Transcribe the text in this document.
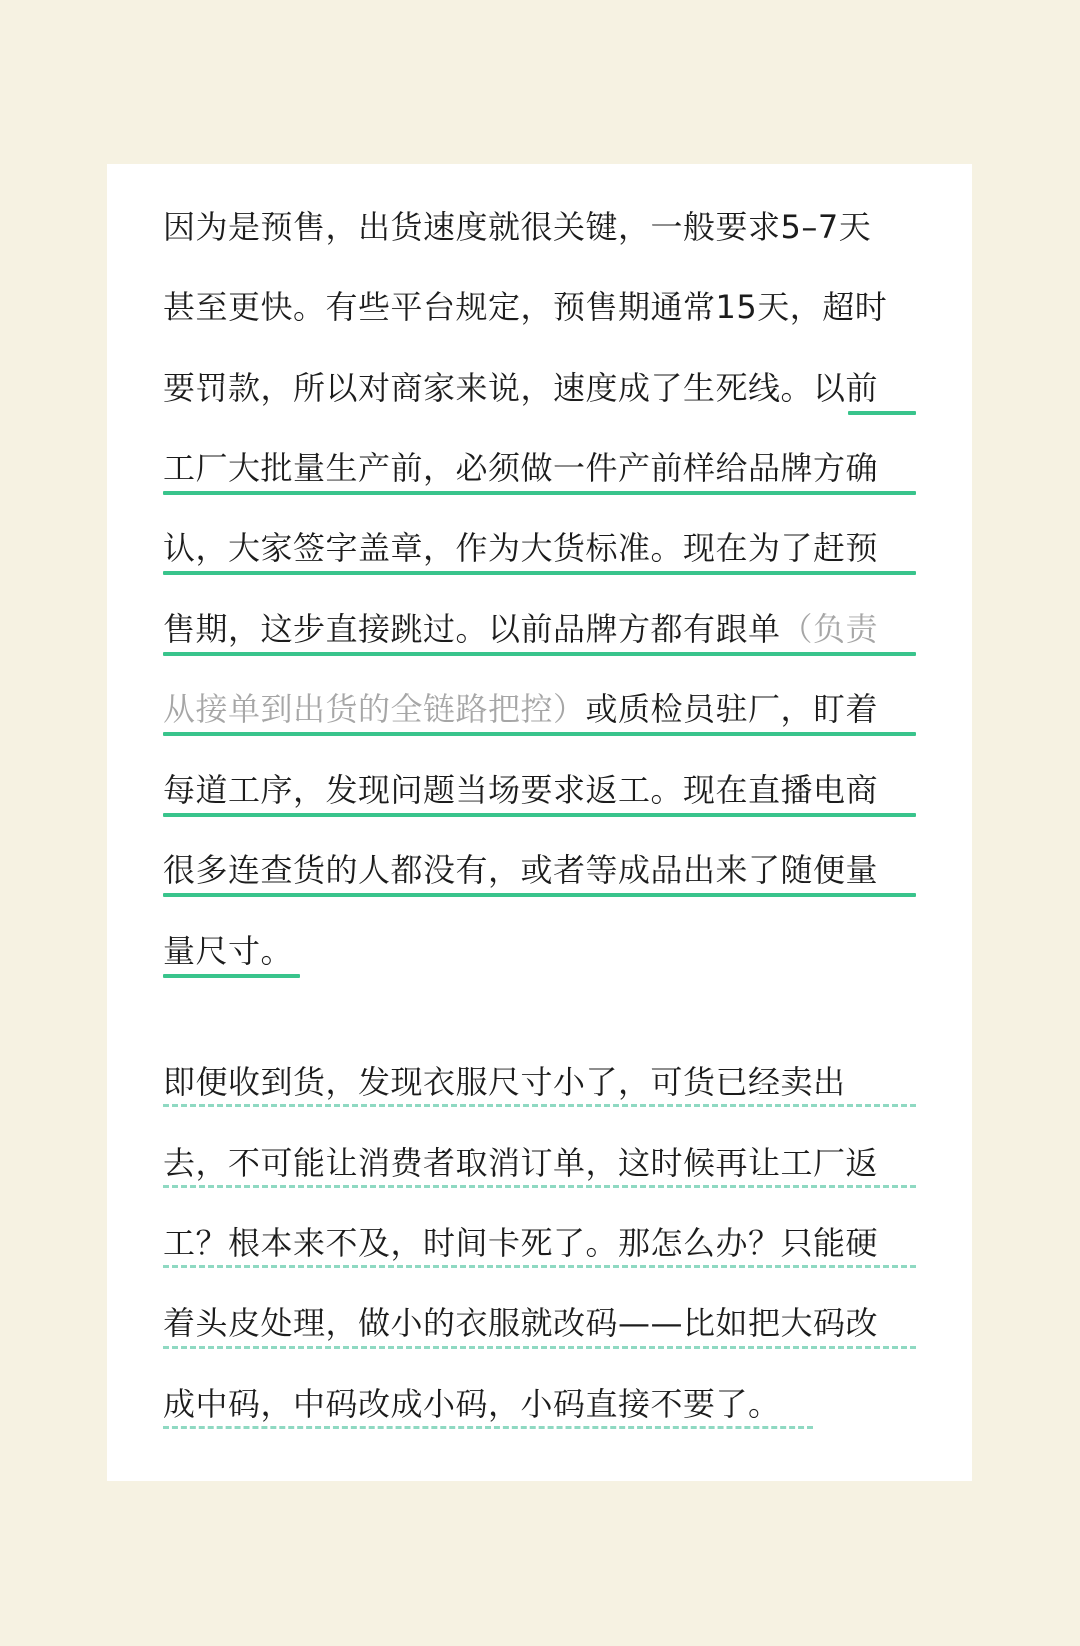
因为是预售，出货速度就很关键，一般要求5–7天
甚至更快。有些平台规定，预售期通常15天，超时
要罚款，所以对商家来说，速度成了生死线。以前
工厂大批量生产前，必须做一件产前样给品牌方确
认，大家签字盖章，作为大货标准。现在为了赶预
售期，这步直接跳过。以前品牌方都有跟单（负责
从接单到出货的全链路把控）或质检员驻厂，盯着
每道工序，发现问题当场要求返工。现在直播电商
很多连查货的人都没有，或者等成品出来了随便量
量尺寸。
即便收到货，发现衣服尺寸小了，可货已经卖出
去，不可能让消费者取消订单，这时候再让工厂返
工？根本来不及，时间卡死了。那怎么办？只能硬
着头皮处理，做小的衣服就改码——比如把大码改
成中码，中码改成小码，小码直接不要了。
